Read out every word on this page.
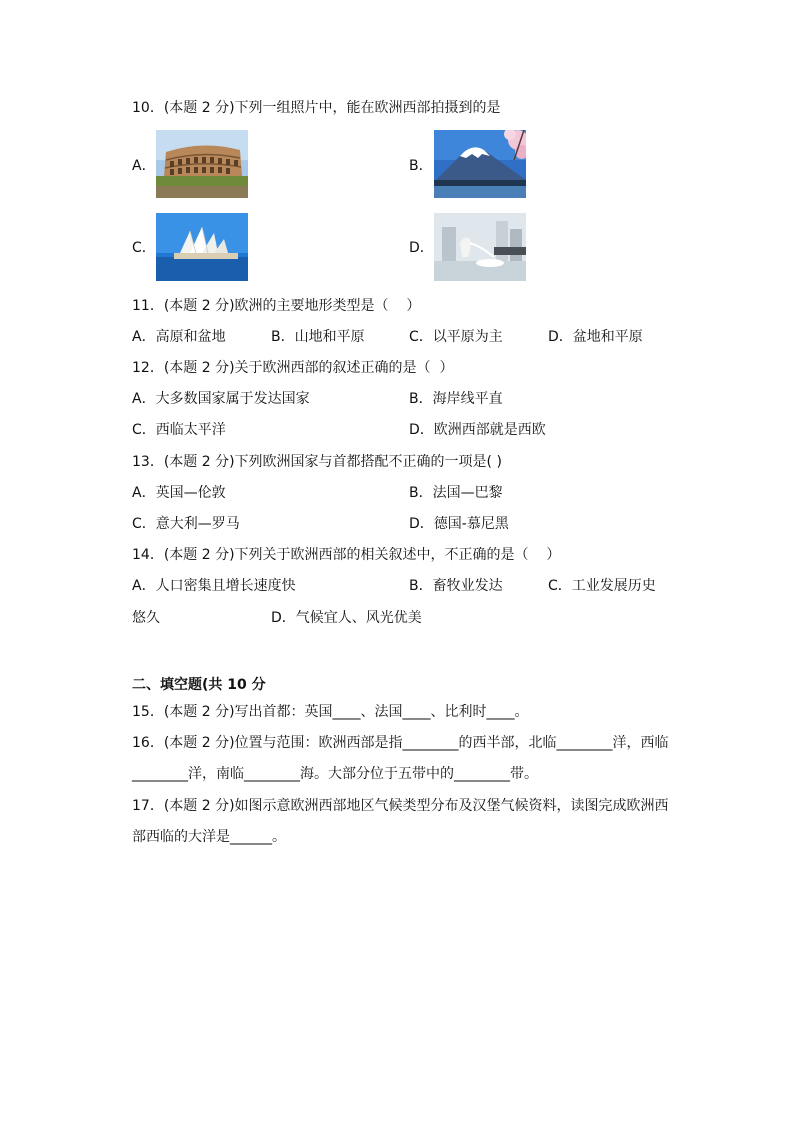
10．(本题 2 分)下列一组照片中，能在欧洲西部拍摄到的是
A．	B．
C．	D．
11．(本题 2 分)欧洲的主要地形类型是（    ）
A．高原和盆地	B．山地和平原	C．以平原为主	D．盆地和平原
12．(本题 2 分)关于欧洲西部的叙述正确的是（  ）
A．大多数国家属于发达国家	B．海岸线平直
C．西临太平洋	D．欧洲西部就是西欧
13．(本题 2 分)下列欧洲国家与首都搭配不正确的一项是( )
A．英国—伦敦	B．法国—巴黎
C．意大利—罗马	D．德国-慕尼黑
14．(本题 2 分)下列关于欧洲西部的相关叙述中，不正确的是（    ）
A．人口密集且增长速度快	B．畜牧业发达	C．工业发展历史
悠久	D．气候宜人、风光优美
二、填空题(共 10 分
15．(本题 2 分)写出首都：英国____、法国____、比利时____。
16．(本题 2 分)位置与范围：欧洲西部是指________的西半部，北临________洋，西临
________洋，南临________海。大部分位于五带中的________带。
17．(本题 2 分)如图示意欧洲西部地区气候类型分布及汉堡气候资料，读图完成欧洲西
部西临的大洋是______。
